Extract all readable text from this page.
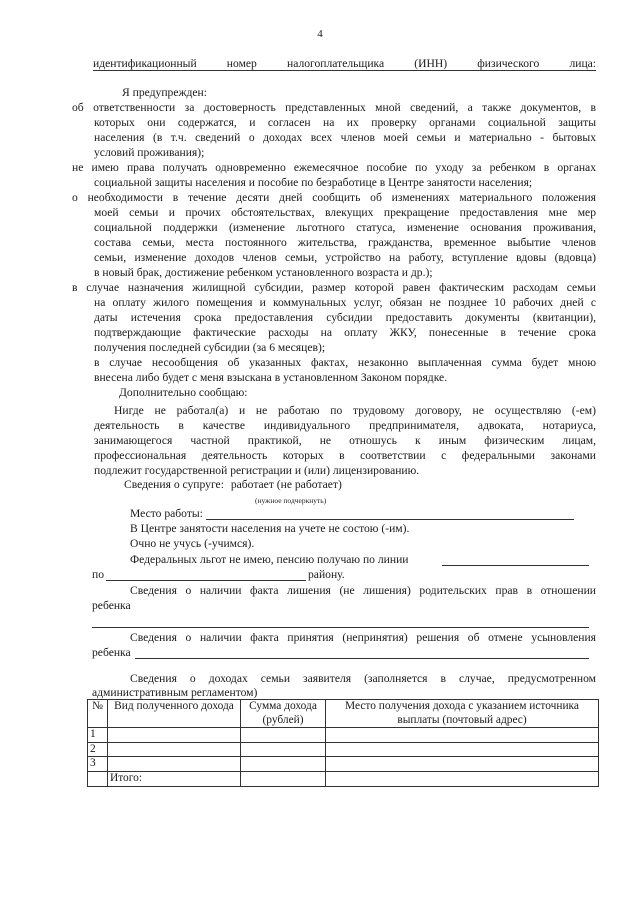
4
идентификационный	номер	налогоплательщика	(ИНН)	физического	лица:
Я предупрежден:
об ответственности за достоверность представленных мной сведений, а также документов, в
которых они содержатся, и согласен на их проверку органами социальной защиты
населения (в т.ч. сведений о доходах всех членов моей семьи и материально - бытовых
условий проживания);
не имею права получать одновременно ежемесячное пособие по уходу за ребенком в органах
социальной защиты населения и пособие по безработице в Центре занятости населения;
о необходимости в течение десяти дней сообщить об изменениях материального положения
моей семьи и прочих обстоятельствах, влекущих прекращение предоставления мне мер
социальной поддержки (изменение льготного статуса, изменение основания проживания,
состава семьи, места постоянного жительства, гражданства, временное выбытие членов
семьи, изменение доходов членов семьи, устройство на работу, вступление вдовы (вдовца)
в новый брак, достижение ребенком установленного возраста и др.);
в случае назначения жилищной субсидии, размер которой равен фактическим расходам семьи
на оплату жилого помещения и коммунальных услуг, обязан не позднее 10 рабочих дней с
даты истечения срока предоставления субсидии предоставить документы (квитанции),
подтверждающие фактические расходы на оплату ЖКУ, понесенные в течение срока
получения последней субсидии (за 6 месяцев);
в случае несообщения об указанных фактах, незаконно выплаченная сумма будет мною
внесена либо будет с меня взыскана в установленном Законом порядке.
Дополнительно сообщаю:
Нигде не работал(а) и не работаю по трудовому договору, не осуществляю (-ем)
деятельность в качестве индивидуального предпринимателя, адвоката, нотариуса,
занимающегося частной практикой, не отношусь к иным физическим лицам,
профессиональная деятельность которых в соответствии с федеральными законами
подлежит государственной регистрации и (или) лицензированию.
Сведения о супруге: работает (не работает)
(нужное подчеркнуть)
Место работы:
В Центре занятости населения на учете не состою (-им).
Очно не учусь (-учимся).
Федеральных льгот не имею, пенсию получаю по линии
по	району.
Сведения о наличии факта лишения (не лишения) родительских прав в отношении
ребенка
Сведения о наличии факта принятия (непринятия) решения об отмене усыновления
ребенка
Сведения о доходах семьи заявителя (заполняется в случае, предусмотренном
административным регламентом)
№	Вид полученного дохода	Сумма дохода (рублей)	Место получения дохода с указанием источника выплаты (почтовый адрес)
1			
2			
3			
	Итого:		
